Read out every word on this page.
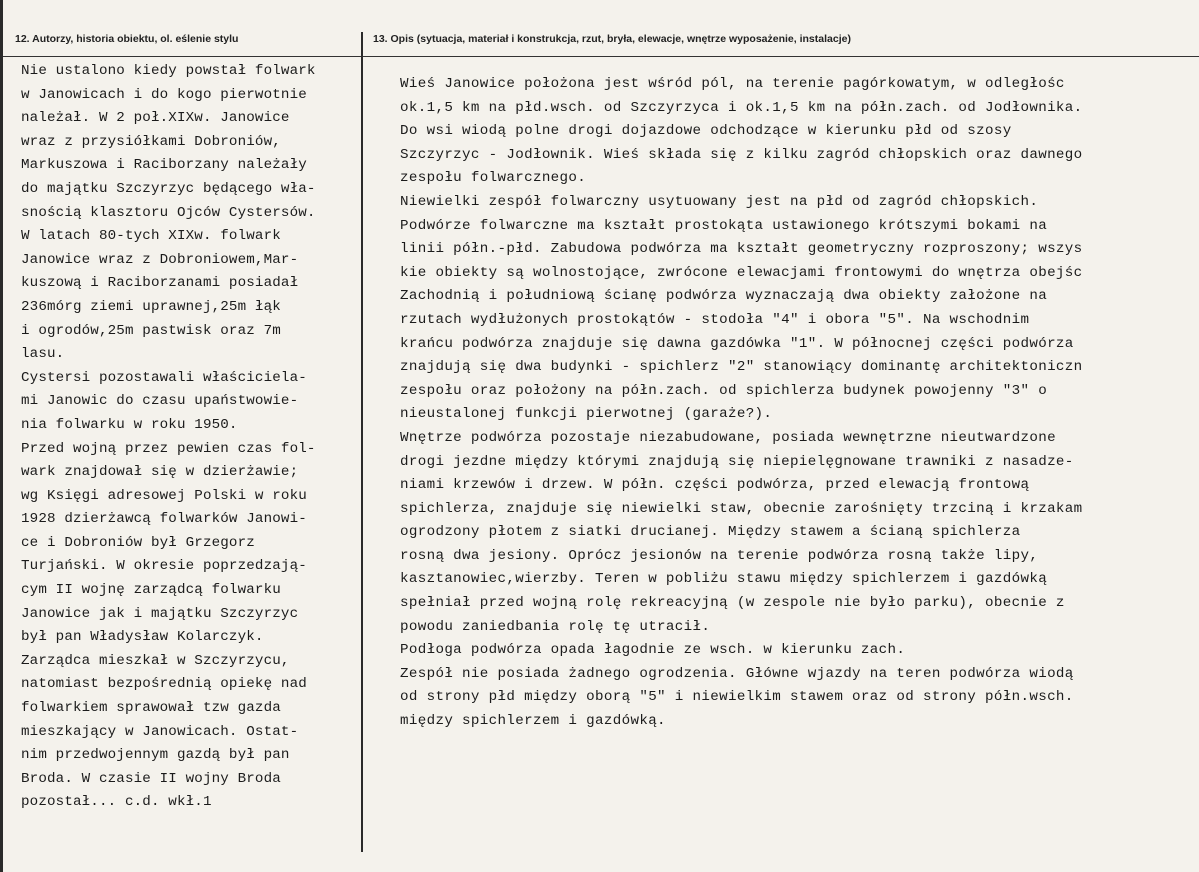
12. Autorzy, historia obiektu, ol. eślenie stylu	13. Opis (sytuacja, materiał i konstrukcja, rzut, bryła, elewacje, wnętrze wyposażenie, instalacje)
Nie ustalono kiedy powstał folwark
w Janowicach i do kogo pierwotnie
należał. W 2 poł.XIXw. Janowice
wraz z przysiółkami Dobroniów,
Markuszowa i Raciborzany należały
do majątku Szczyrzyc będącego wła-
snością klasztoru Ojców Cystersów.
W latach 80-tych XIXw. folwark
Janowice wraz z Dobroniowem,Mar-
kuszową i Raciborzanami posiadał
236mórg ziemi uprawnej,25m łąk
i ogrodów,25m pastwisk oraz 7m
lasu.
Cystersi pozostawali właściciela-
mi Janowic do czasu upaństwowie-
nia folwarku w roku 1950.
Przed wojną przez pewien czas fol-
wark znajdował się w dzierżawie;
wg Księgi adresowej Polski w roku
1928 dzierżawcą folwarków Janowi-
ce i Dobroniów był Grzegorz
Turjański. W okresie poprzedzają-
cym II wojnę zarządcą folwarku
Janowice jak i majątku Szczyrzyc
był pan Władysław Kolarczyk.
Zarządca mieszkał w Szczyrzycu,
natomiast bezpośrednią opiekę nad
folwarkiem sprawował tzw gazda
mieszkający w Janowicach. Ostat-
nim przedwojennym gazdą był pan
Broda. W czasie II wojny Broda
pozostał... c.d. wkł.1
Wieś Janowice położona jest wśród pól, na terenie pagórkowatym, w odległośc
ok.1,5 km na płd.wsch. od Szczyrzyca i ok.1,5 km na półn.zach. od Jodłownika.
Do wsi wiodą polne drogi dojazdowe odchodzące w kierunku płd od szosy
Szczyrzyc - Jodłownik. Wieś składa się z kilku zagród chłopskich oraz dawnego
zespołu folwarcznego.
Niewielki zespół folwarczny usytuowany jest na płd od zagród chłopskich.
Podwórze folwarczne ma kształt prostokąta ustawionego krótszymi bokami na
linii półn.-płd. Zabudowa podwórza ma kształt geometryczny rozproszony; wszys
kie obiekty są wolnostojące, zwrócone elewacjami frontowymi do wnętrza obejśc
Zachodnią i południową ścianę podwórza wyznaczają dwa obiekty założone na
rzutach wydłużonych prostokątów - stodoła "4" i obora "5". Na wschodnim
krańcu podwórza znajduje się dawna gazdówka "1". W północnej części podwórza
znajdują się dwa budynki - spichlerz "2" stanowiący dominantę architektoniczn
zespołu oraz położony na półn.zach. od spichlerza budynek powojenny "3" o
nieustalonej funkcji pierwotnej (garaże?).
Wnętrze podwórza pozostaje niezabudowane, posiada wewnętrzne nieutwardzone
drogi jezdne między którymi znajdują się niepielęgnowane trawniki z nasadze-
niami krzewów i drzew. W półn. części podwórza, przed elewacją frontową
spichlerza, znajduje się niewielki staw, obecnie zarośnięty trzciną i krzakam
ogrodzony płotem z siatki drucianej. Między stawem a ścianą spichlerza
rosną dwa jesiony. Oprócz jesionów na terenie podwórza rosną także lipy,
kasztanowiec,wierzby. Teren w pobliżu stawu między spichlerzem i gazdówką
spełniał przed wojną rolę rekreacyjną (w zespole nie było parku), obecnie z
powodu zaniedbania rolę tę utracił.
Podłoga podwórza opada łagodnie ze wsch. w kierunku zach.
Zespół nie posiada żadnego ogrodzenia. Główne wjazdy na teren podwórza wiodą
od strony płd między oborą "5" i niewielkim stawem oraz od strony półn.wsch.
między spichlerzem i gazdówką.
